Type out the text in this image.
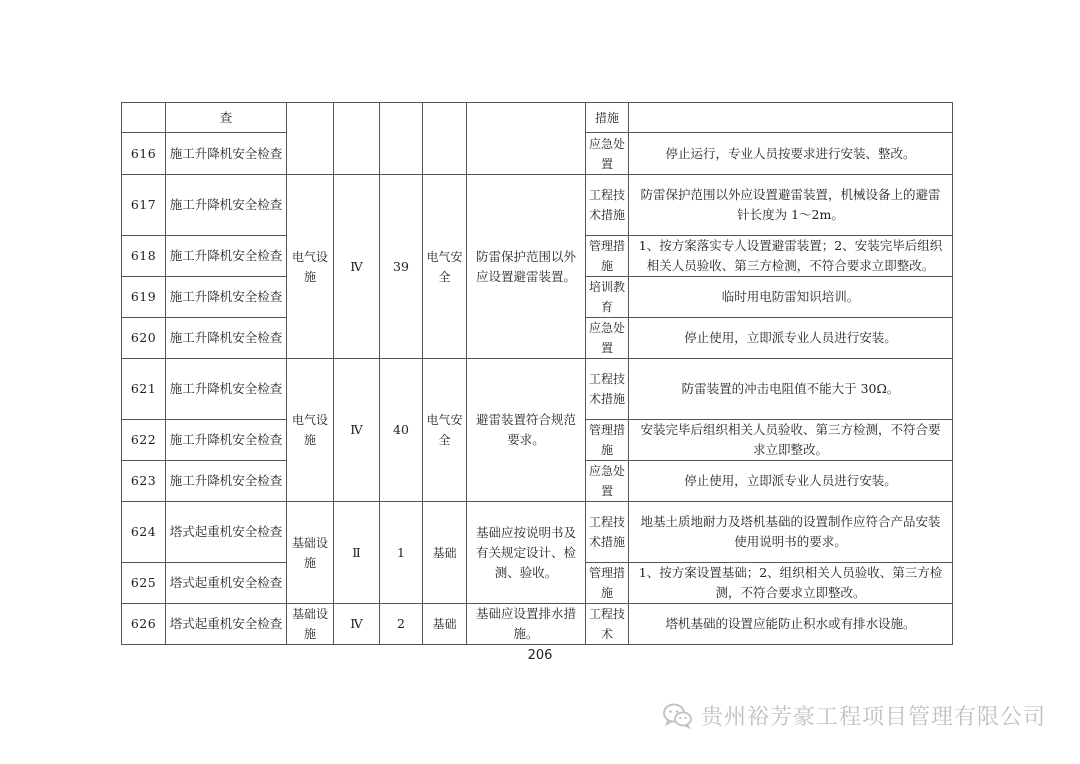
	查						措施	
616	施工升降机安全检查						应急处置	停止运行，专业人员按要求进行安装、整改。
617	施工升降机安全检查	电气设施	Ⅳ	39	电气安全	防雷保护范围以外应设置避雷装置。	工程技术措施	防雷保护范围以外应设置避雷装置，机械设备上的避雷针长度为 1～2m。
618	施工升降机安全检查						管理措施	1、按方案落实专人设置避雷装置；2、安装完毕后组织相关人员验收、第三方检测，不符合要求立即整改。
619	施工升降机安全检查						培训教育	临时用电防雷知识培训。
620	施工升降机安全检查						应急处置	停止使用，立即派专业人员进行安装。
621	施工升降机安全检查	电气设施	Ⅳ	40	电气安全	避雷装置符合规范要求。	工程技术措施	防雷装置的冲击电阻值不能大于 30Ω。
622	施工升降机安全检查						管理措施	安装完毕后组织相关人员验收、第三方检测，不符合要求立即整改。
623	施工升降机安全检查						应急处置	停止使用，立即派专业人员进行安装。
624	塔式起重机安全检查	基础设施	Ⅱ	1	基础	基础应按说明书及有关规定设计、检测、验收。	工程技术措施	地基土质地耐力及塔机基础的设置制作应符合产品安装使用说明书的要求。
625	塔式起重机安全检查						管理措施	1、按方案设置基础；2、组织相关人员验收、第三方检测，不符合要求立即整改。
626	塔式起重机安全检查	基础设施	Ⅳ	2	基础	基础应设置排水措施。	工程技术	塔机基础的设置应能防止积水或有排水设施。
206
贵州裕芳豪工程项目管理有限公司
